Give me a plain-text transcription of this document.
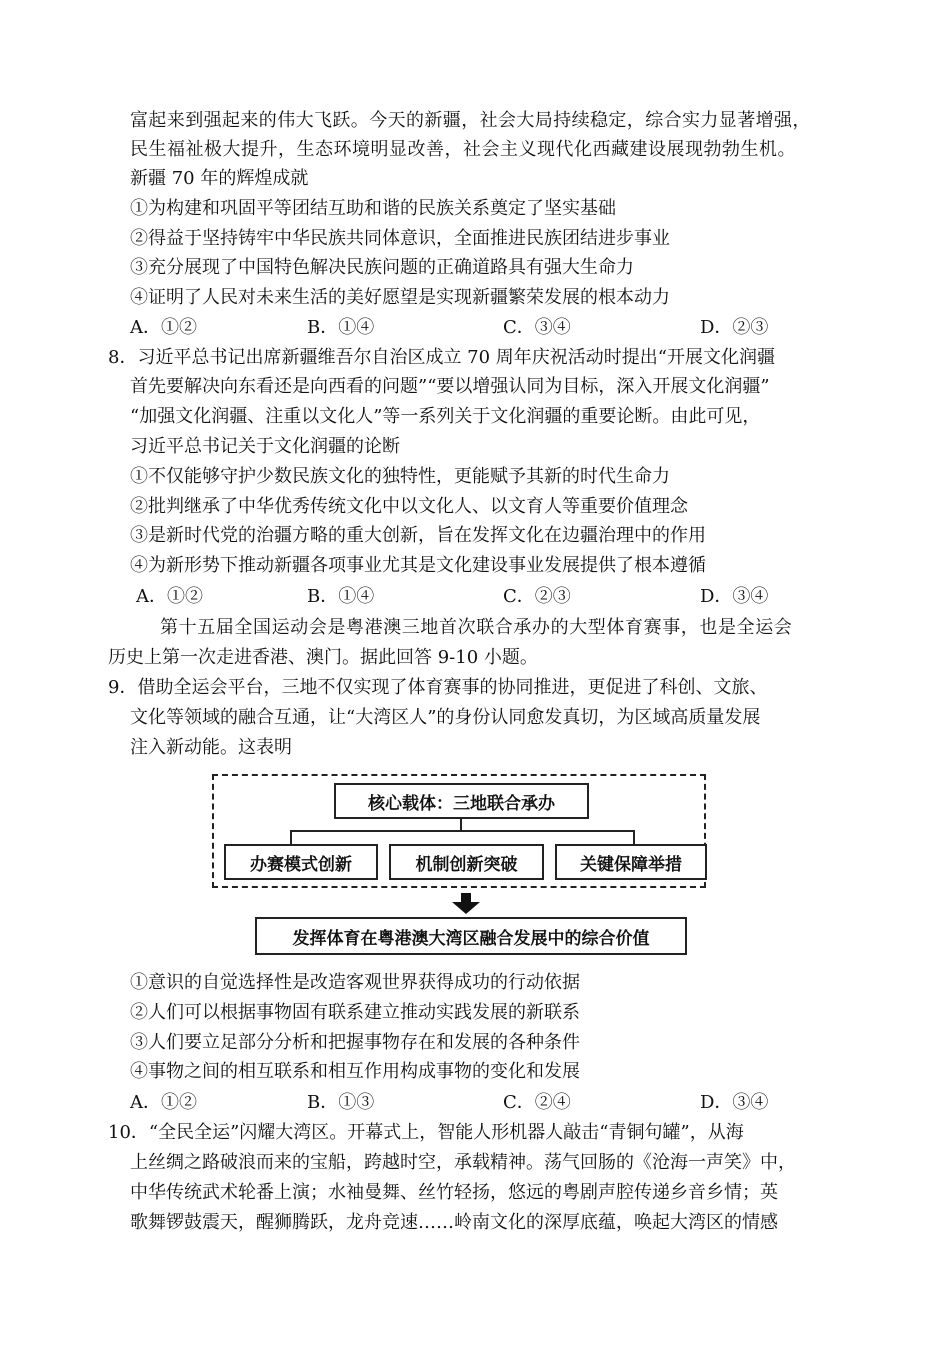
富起来到强起来的伟大飞跃。今天的新疆，社会大局持续稳定，综合实力显著增强，
民生福祉极大提升，生态环境明显改善，社会主义现代化西藏建设展现勃勃生机。
新疆 70 年的辉煌成就
①为构建和巩固平等团结互助和谐的民族关系奠定了坚实基础
②得益于坚持铸牢中华民族共同体意识，全面推进民族团结进步事业
③充分展现了中国特色解决民族问题的正确道路具有强大生命力
④证明了人民对未来生活的美好愿望是实现新疆繁荣发展的根本动力
A．①②	B．①④	C．③④	D．②③
8．习近平总书记出席新疆维吾尔自治区成立 70 周年庆祝活动时提出“开展文化润疆
首先要解决向东看还是向西看的问题”“要以增强认同为目标，深入开展文化润疆”
“加强文化润疆、注重以文化人”等一系列关于文化润疆的重要论断。由此可见，
习近平总书记关于文化润疆的论断
①不仅能够守护少数民族文化的独特性，更能赋予其新的时代生命力
②批判继承了中华优秀传统文化中以文化人、以文育人等重要价值理念
③是新时代党的治疆方略的重大创新，旨在发挥文化在边疆治理中的作用
④为新形势下推动新疆各项事业尤其是文化建设事业发展提供了根本遵循
A．①②	B．①④	C．②③	D．③④
第十五届全国运动会是粤港澳三地首次联合承办的大型体育赛事，也是全运会
历史上第一次走进香港、澳门。据此回答 9-10 小题。
9．借助全运会平台，三地不仅实现了体育赛事的协同推进，更促进了科创、文旅、
文化等领域的融合互通，让“大湾区人”的身份认同愈发真切，为区域高质量发展
注入新动能。这表明
核心载体：三地联合承办
办赛模式创新	机制创新突破	关键保障举措
发挥体育在粤港澳大湾区融合发展中的综合价值
①意识的自觉选择性是改造客观世界获得成功的行动依据
②人们可以根据事物固有联系建立推动实践发展的新联系
③人们要立足部分分析和把握事物存在和发展的各种条件
④事物之间的相互联系和相互作用构成事物的变化和发展
A．①②	B．①③	C．②④	D．③④
10．“全民全运”闪耀大湾区。开幕式上，智能人形机器人敲击“青铜句罐”，从海
上丝绸之路破浪而来的宝船，跨越时空，承载精神。荡气回肠的《沧海一声笑》中，
中华传统武术轮番上演；水袖曼舞、丝竹轻扬，悠远的粤剧声腔传递乡音乡情；英
歌舞锣鼓震天，醒狮腾跃，龙舟竞速……岭南文化的深厚底蕴，唤起大湾区的情感
